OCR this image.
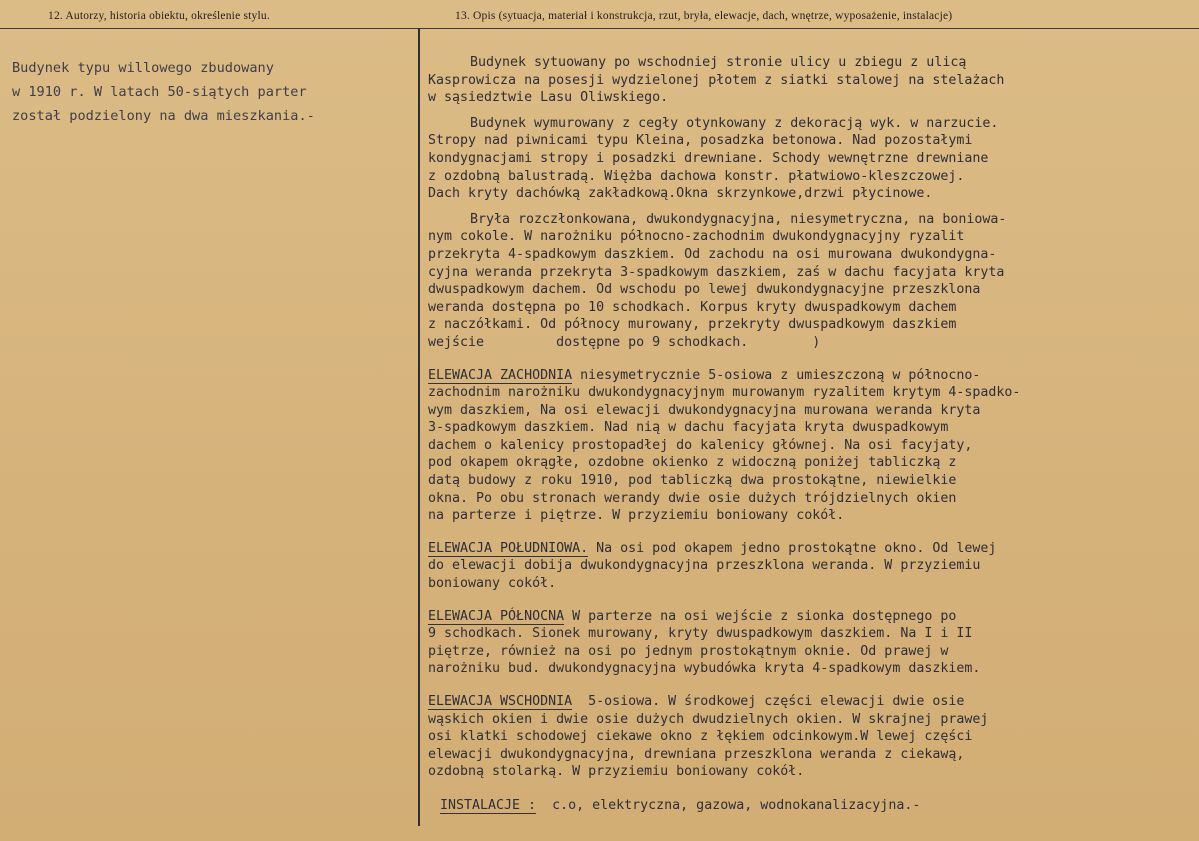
12. Autorzy, historia obiektu, określenie stylu.	13. Opis (sytuacja, materiał i konstrukcja, rzut, bryła, elewacje, dach, wnętrze, wyposażenie, instalacje)
Budynek typu willowego zbudowany
w 1910 r. W latach 50-siątych parter
został podzielony na dwa mieszkania.-
Budynek sytuowany po wschodniej stronie ulicy u zbiegu z ulicą
Kasprowicza na posesji wydzielonej płotem z siatki stalowej na stelażach
w sąsiedztwie Lasu Oliwskiego.
Budynek wymurowany z cegły otynkowany z dekoracją wyk. w narzucie.
Stropy nad piwnicami typu Kleina, posadzka betonowa. Nad pozostałymi
kondygnacjami stropy i posadzki drewniane. Schody wewnętrzne drewniane
z ozdobną balustradą. Więżba dachowa konstr. płatwiowo-kleszczowej.
Dach kryty dachówką zakładkową.Okna skrzynkowe,drzwi płycinowe.
Bryła rozczłonkowana, dwukondygnacyjna, niesymetryczna, na boniowa-
nym cokole. W narożniku północno-zachodnim dwukondygnacyjny ryzalit
przekryta 4-spadkowym daszkiem. Od zachodu na osi murowana dwukondygna-
cyjna weranda przekryta 3-spadkowym daszkiem, zaś w dachu facyjata kryta
dwuspadkowym dachem. Od wschodu po lewej dwukondygnacyjne przeszklona
weranda dostępna po 10 schodkach. Korpus kryty dwuspadkowym dachem
z naczółkami. Od północy murowany, przekryty dwuspadkowym daszkiem
wejście         dostępne po 9 schodkach.        )
ELEWACJA ZACHODNIA niesymetrycznie 5-osiowa z umieszczoną w północno-
zachodnim narożniku dwukondygnacyjnym murowanym ryzalitem krytym 4-spadko-
wym daszkiem, Na osi elewacji dwukondygnacyjna murowana weranda kryta
3-spadkowym daszkiem. Nad nią w dachu facyjata kryta dwuspadkowym
dachem o kalenicy prostopadłej do kalenicy głównej. Na osi facyjaty,
pod okapem okrągłe, ozdobne okienko z widoczną poniżej tabliczką z
datą budowy z roku 1910, pod tabliczką dwa prostokątne, niewielkie
okna. Po obu stronach werandy dwie osie dużych trójdzielnych okien
na parterze i piętrze. W przyziemiu boniowany cokół.
ELEWACJA POŁUDNIOWA. Na osi pod okapem jedno prostokątne okno. Od lewej
do elewacji dobija dwukondygnacyjna przeszklona weranda. W przyziemiu
boniowany cokół.
ELEWACJA PÓŁNOCNA W parterze na osi wejście z sionka dostępnego po
9 schodkach. Sionek murowany, kryty dwuspadkowym daszkiem. Na I i II
piętrze, również na osi po jednym prostokątnym oknie. Od prawej w
narożniku bud. dwukondygnacyjna wybudówka kryta 4-spadkowym daszkiem.
ELEWACJA WSCHODNIA  5-osiowa. W środkowej części elewacji dwie osie
wąskich okien i dwie osie dużych dwudzielnych okien. W skrajnej prawej
osi klatki schodowej ciekawe okno z łękiem odcinkowym.W lewej części
elewacji dwukondygnacyjna, drewniana przeszklona weranda z ciekawą,
ozdobną stolarką. W przyziemiu boniowany cokół.
INSTALACJE :  c.o, elektryczna, gazowa, wodnokanalizacyjna.-
